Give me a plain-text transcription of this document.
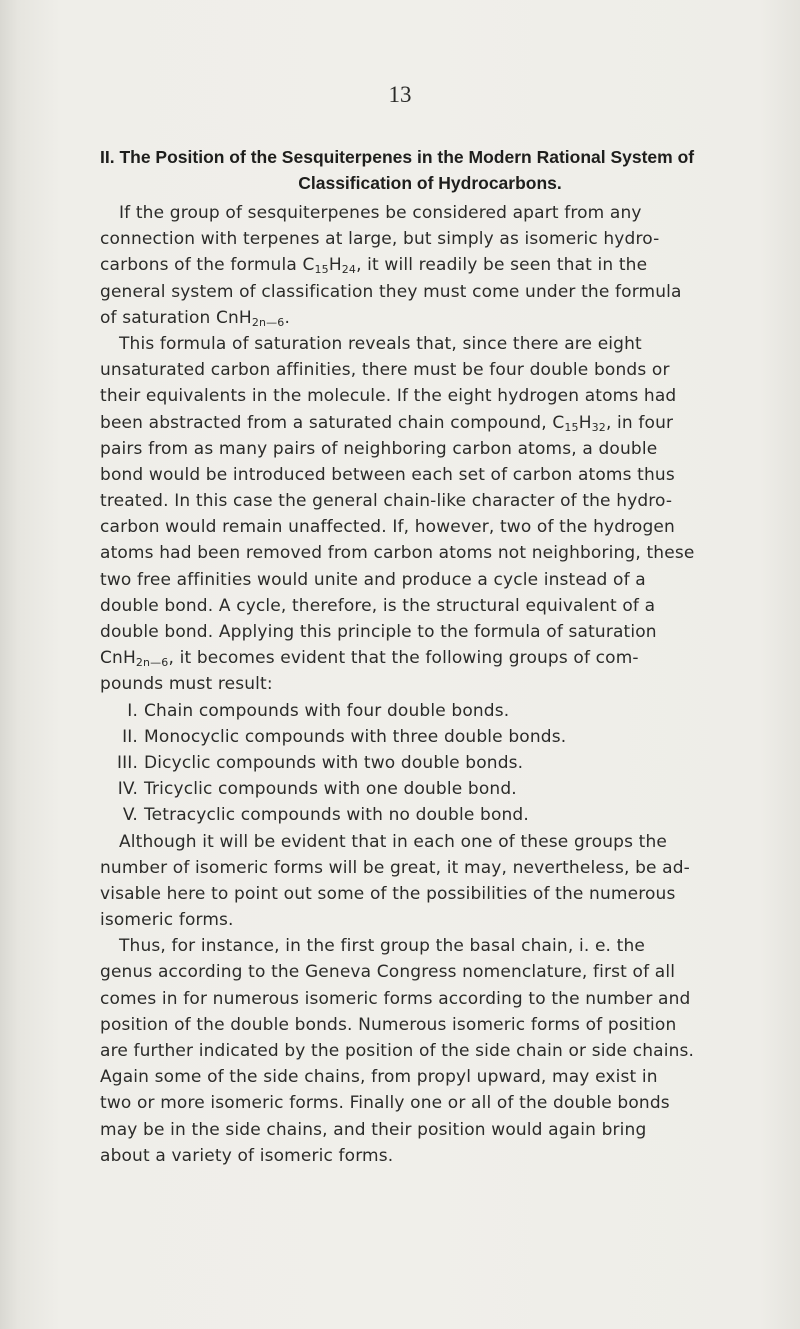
13
II. The Position of the Sesquiterpenes in the Modern Rational System of
Classification of Hydrocarbons.
If the group of sesquiterpenes be considered apart from any
connection with terpenes at large, but simply as isomeric hydro-
carbons of the formula $C_{15}H_{24}$, it will readily be seen that in the
general system of classification they must come under the formula
of saturation CnH$_{2n—6}$.
This formula of saturation reveals that, since there are eight
unsaturated carbon affinities, there must be four double bonds or
their equivalents in the molecule. If the eight hydrogen atoms had
been abstracted from a saturated chain compound, $C_{15}H_{32}$, in four
pairs from as many pairs of neighboring carbon atoms, a double
bond would be introduced between each set of carbon atoms thus
treated. In this case the general chain-like character of the hydro-
carbon would remain unaffected. If, however, two of the hydrogen
atoms had been removed from carbon atoms not neighboring, these
two free affinities would unite and produce a cycle instead of a
double bond. A cycle, therefore, is the structural equivalent of a
double bond. Applying this principle to the formula of saturation
CnH$_{2n—6}$, it becomes evident that the following groups of com-
pounds must result:
I. Chain compounds with four double bonds.
II. Monocyclic compounds with three double bonds.
III. Dicyclic compounds with two double bonds.
IV. Tricyclic compounds with one double bond.
V. Tetracyclic compounds with no double bond.
Although it will be evident that in each one of these groups the
number of isomeric forms will be great, it may, nevertheless, be ad-
visable here to point out some of the possibilities of the numerous
isomeric forms.
Thus, for instance, in the first group the basal chain, i. e. the
genus according to the Geneva Congress nomenclature, first of all
comes in for numerous isomeric forms according to the number and
position of the double bonds. Numerous isomeric forms of position
are further indicated by the position of the side chain or side chains.
Again some of the side chains, from propyl upward, may exist in
two or more isomeric forms. Finally one or all of the double bonds
may be in the side chains, and their position would again bring
about a variety of isomeric forms.
